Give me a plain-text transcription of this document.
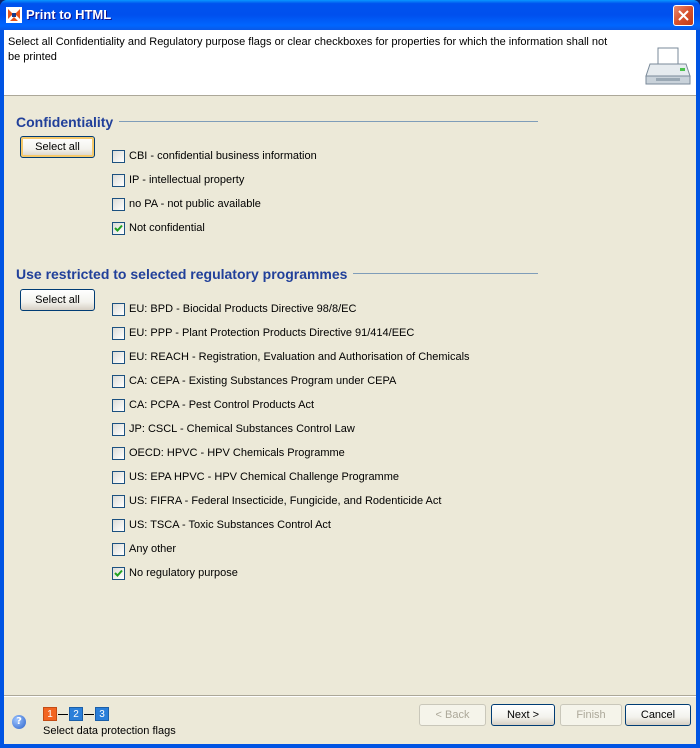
Print to HTML
Select all Confidentiality and Regulatory purpose flags or clear checkboxes for properties for which the information shall not be printed
Confidentiality
Select all
CBI - confidential business information
IP - intellectual property
no PA - not public available
Not confidential
Use restricted to selected regulatory programmes
Select all
EU: BPD - Biocidal Products Directive 98/8/EC
EU: PPP - Plant Protection Products Directive 91/414/EEC
EU: REACH - Registration, Evaluation and Authorisation of Chemicals
CA: CEPA - Existing Substances Program under CEPA
CA: PCPA - Pest Control Products Act
JP: CSCL - Chemical Substances Control Law
OECD: HPVC - HPV Chemicals Programme
US: EPA HPVC - HPV Chemical Challenge Programme
US: FIFRA - Federal Insecticide, Fungicide, and Rodenticide Act
US: TSCA - Toxic Substances Control Act
Any other
No regulatory purpose
?
1	2	3
Select data protection flags
< Back	Next >	Finish	Cancel
